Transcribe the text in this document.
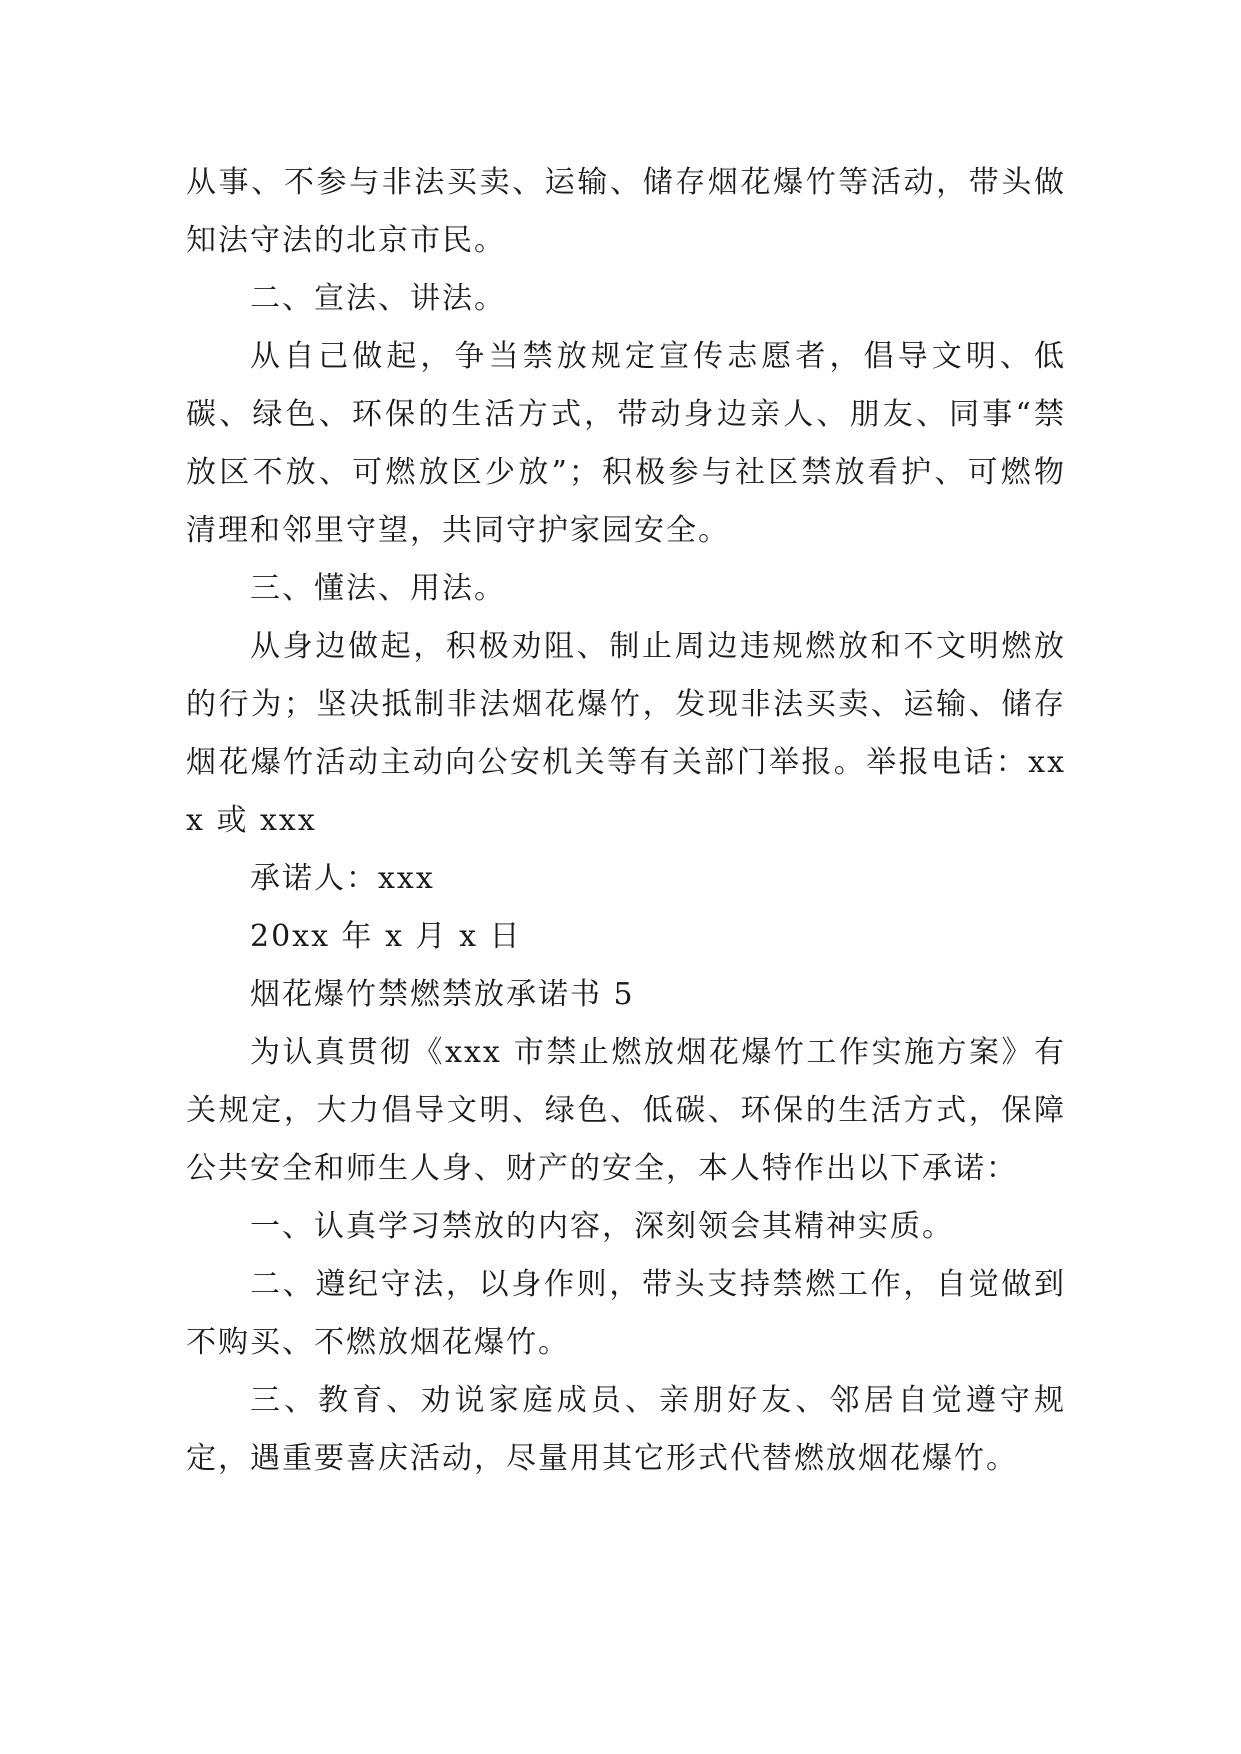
从事、不参与非法买卖、运输、储存烟花爆竹等活动，带头做知法守法的北京市民。

二、宣法、讲法。

从自己做起，争当禁放规定宣传志愿者，倡导文明、低碳、绿色、环保的生活方式，带动身边亲人、朋友、同事“禁放区不放、可燃放区少放”；积极参与社区禁放看护、可燃物清理和邻里守望，共同守护家园安全。

三、懂法、用法。

从身边做起，积极劝阻、制止周边违规燃放和不文明燃放的行为；坚决抵制非法烟花爆竹，发现非法买卖、运输、储存烟花爆竹活动主动向公安机关等有关部门举报。举报电话：xxx 或 xxx

承诺人：xxx

20xx 年 x 月 x 日

烟花爆竹禁燃禁放承诺书 5

为认真贯彻《xxx 市禁止燃放烟花爆竹工作实施方案》有关规定，大力倡导文明、绿色、低碳、环保的生活方式，保障公共安全和师生人身、财产的安全，本人特作出以下承诺：

一、认真学习禁放的内容，深刻领会其精神实质。

二、遵纪守法，以身作则，带头支持禁燃工作，自觉做到不购买、不燃放烟花爆竹。

三、教育、劝说家庭成员、亲朋好友、邻居自觉遵守规定，遇重要喜庆活动，尽量用其它形式代替燃放烟花爆竹。
